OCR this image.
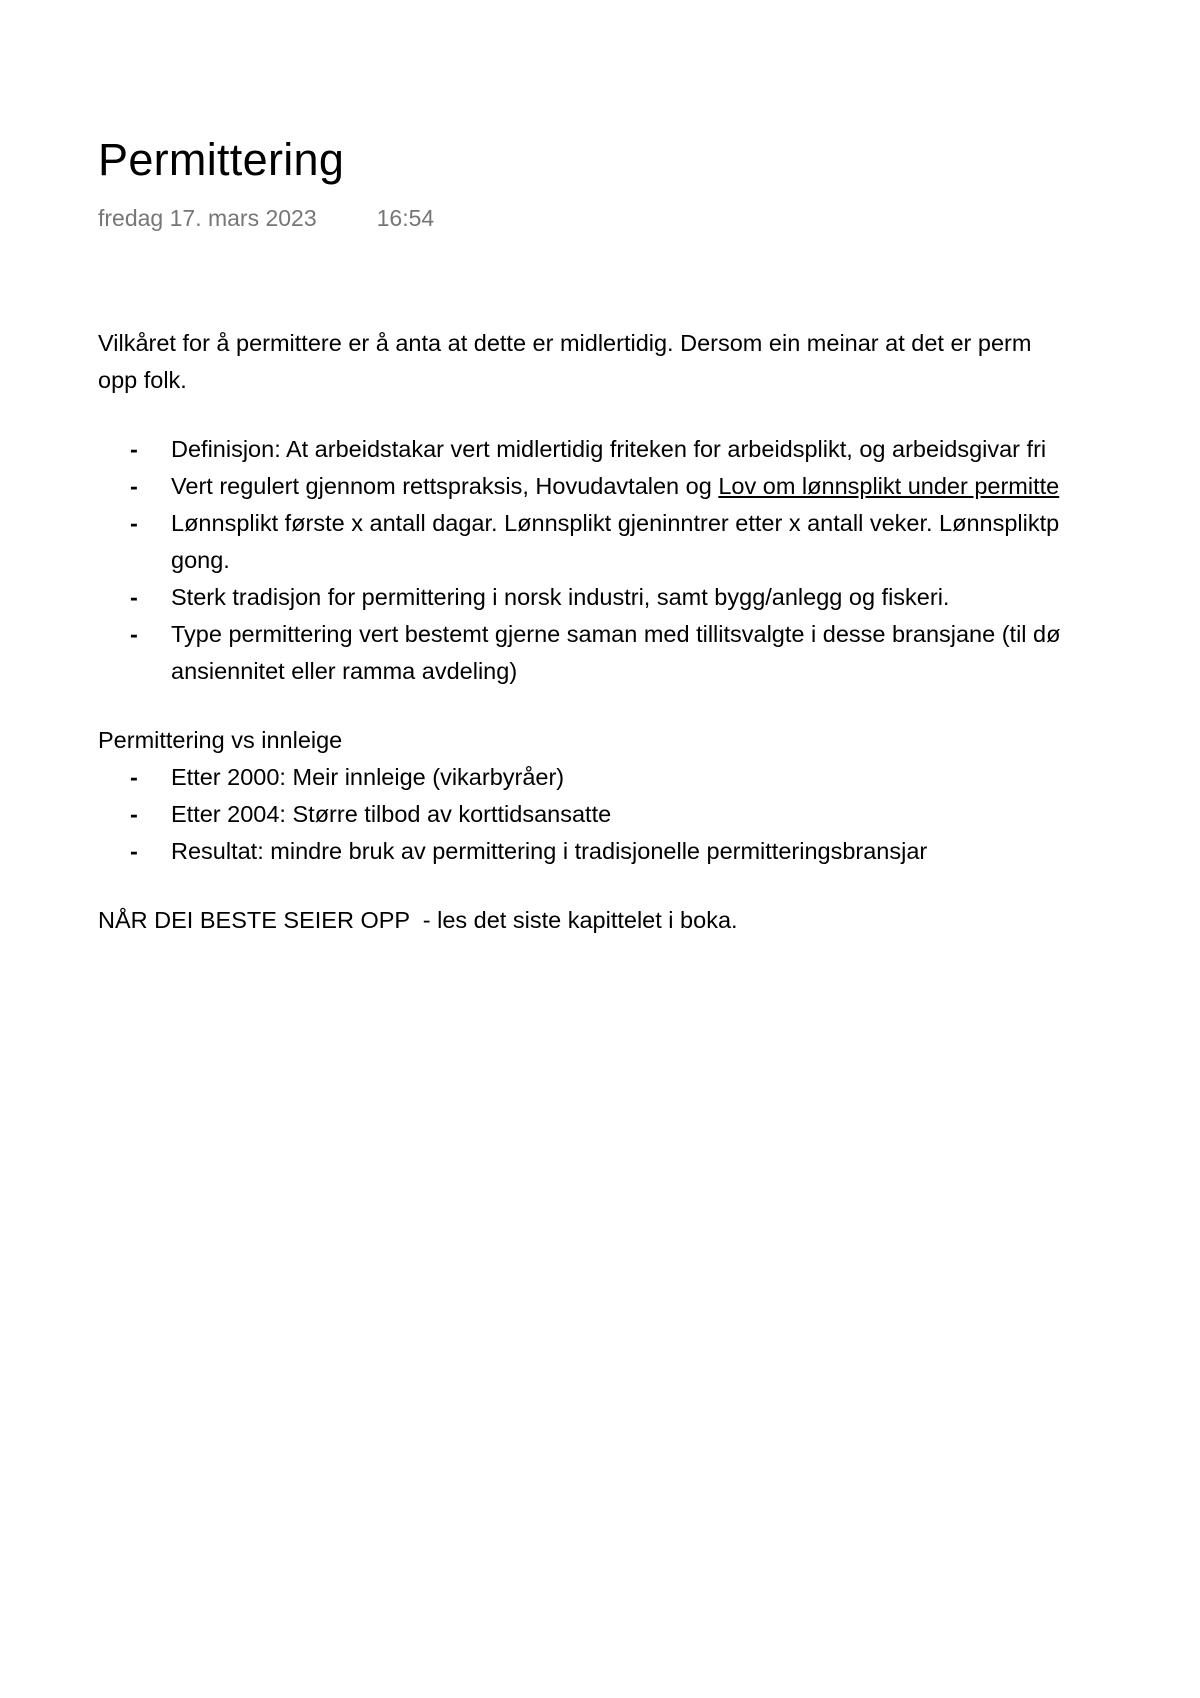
Permittering
fredag 17. mars 2023	16:54

Vilkåret for å permittere er å anta at dette er midlertidig. Dersom ein meinar at det er perm
opp folk.

- Definisjon: At arbeidstakar vert midlertidig friteken for arbeidsplikt, og arbeidsgivar fri
- Vert regulert gjennom rettspraksis, Hovudavtalen og Lov om lønnsplikt under permitte
- Lønnsplikt første x antall dagar. Lønnsplikt gjeninntrer etter x antall veker. Lønnspliktp
gong.
- Sterk tradisjon for permittering i norsk industri, samt bygg/anlegg og fiskeri.
- Type permittering vert bestemt gjerne saman med tillitsvalgte i desse bransjane (til dø
ansiennitet eller ramma avdeling)

Permittering vs innleige

- Etter 2000: Meir innleige (vikarbyråer)
- Etter 2004: Større tilbod av korttidsansatte
- Resultat: mindre bruk av permittering i tradisjonelle permitteringsbransjar

NÅR DEI BESTE SEIER OPP  - les det siste kapittelet i boka.
